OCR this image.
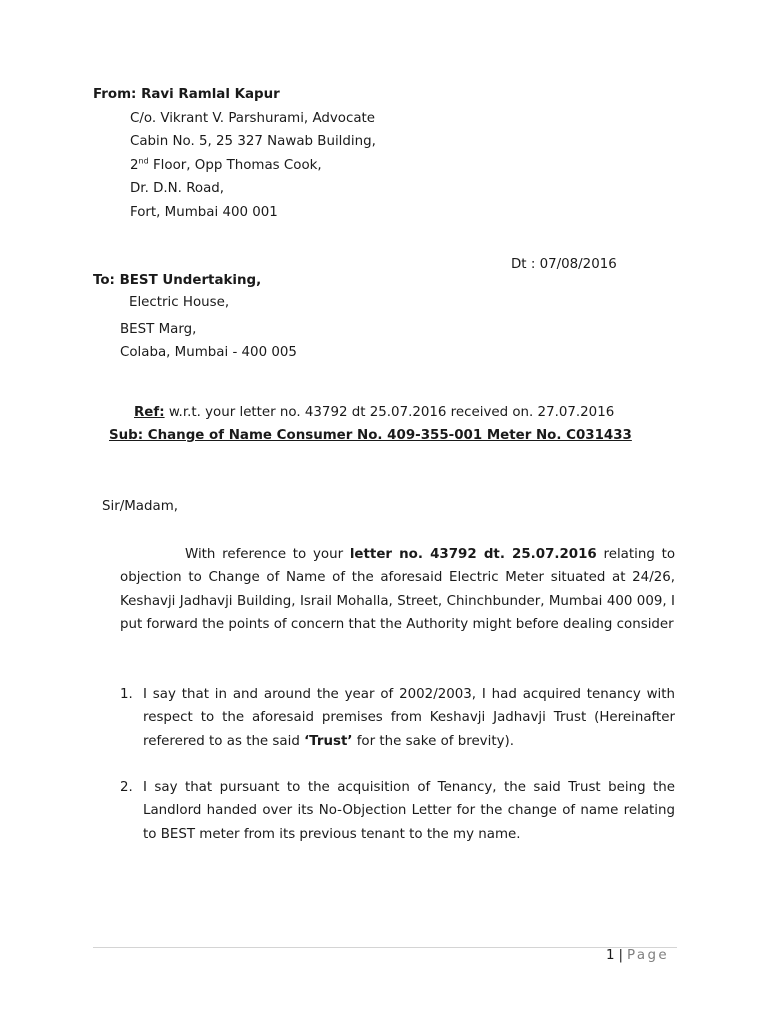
From: Ravi Ramlal Kapur
C/o. Vikrant V. Parshurami, Advocate
Cabin No. 5, 25 327 Nawab Building,
2nd Floor, Opp Thomas Cook,
Dr. D.N. Road,
Fort, Mumbai 400 001
Dt : 07/08/2016
To: BEST Undertaking,
Electric House,
BEST Marg,
Colaba, Mumbai - 400 005
Ref: w.r.t. your letter no. 43792 dt 25.07.2016 received on. 27.07.2016
Sub: Change of Name Consumer No. 409-355-001 Meter No. C031433
Sir/Madam,
With reference to your letter no. 43792 dt. 25.07.2016 relating to objection to Change of Name of the aforesaid Electric Meter situated at 24/26, Keshavji Jadhavji Building, Israil Mohalla, Street, Chinchbunder, Mumbai 400 009, I put forward the points of concern that the Authority might before dealing consider
1. I say that in and around the year of 2002/2003, I had acquired tenancy with respect to the aforesaid premises from Keshavji Jadhavji Trust (Hereinafter referered to as the said ‘Trust’ for the sake of brevity).
2. I say that pursuant to the acquisition of Tenancy, the said Trust being the Landlord handed over its No-Objection Letter for the change of name relating to BEST meter from its previous tenant to the my name.
1 | Page
